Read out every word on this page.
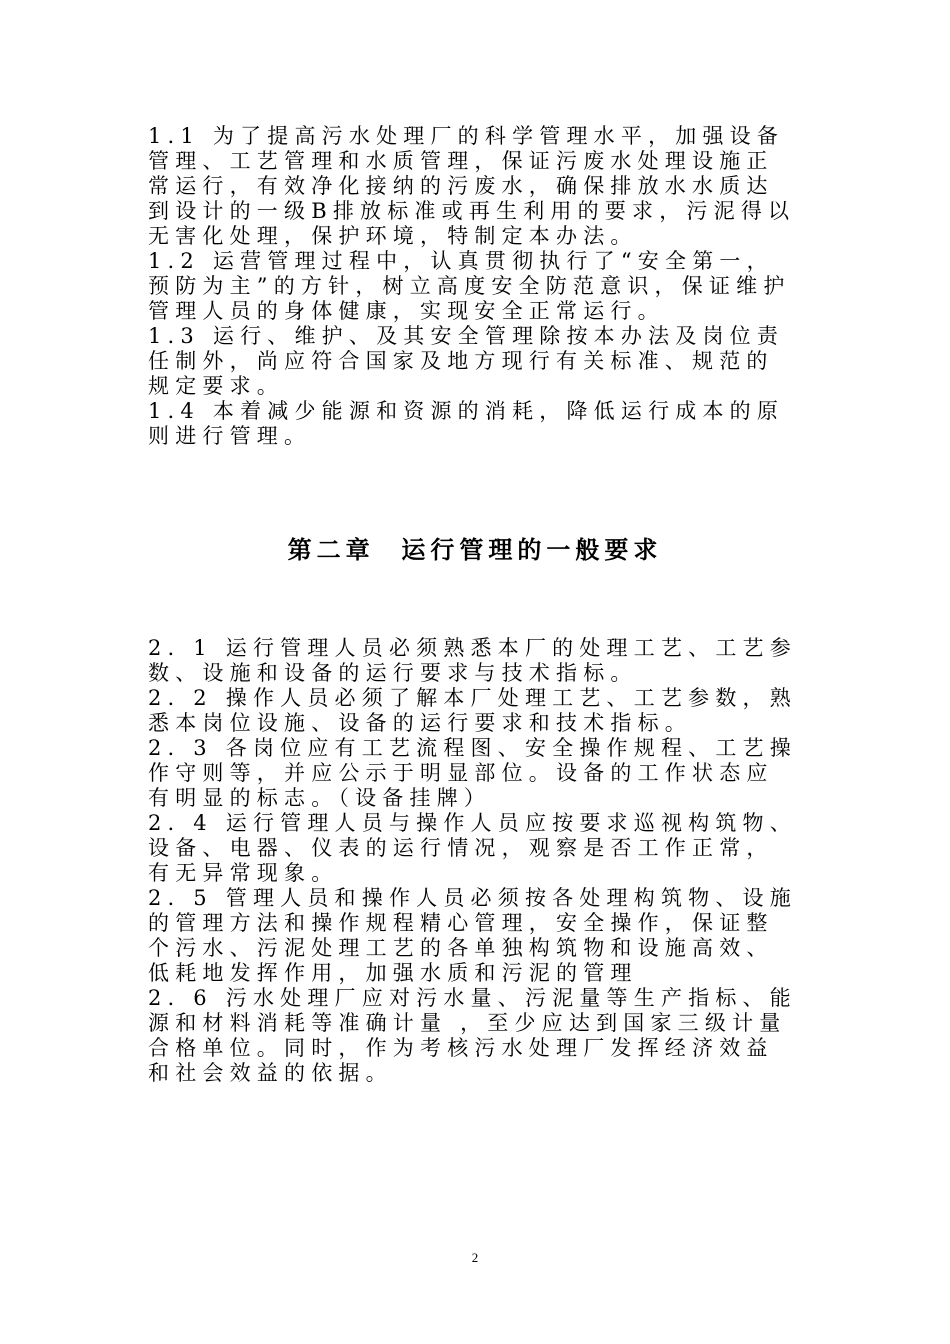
1.1 为了提高污水处理厂的科学管理水平，加强设备管理、工艺管理和水质管理，保证污废水处理设施正常运行，有效净化接纳的污废水，确保排放水水质达到设计的一级B排放标准或再生利用的要求，污泥得以无害化处理，保护环境，特制定本办法。

1.2 运营管理过程中，认真贯彻执行了“安全第一，预防为主”的方针，树立高度安全防范意识，保证维护管理人员的身体健康，实现安全正常运行。

1.3 运行、维护、及其安全管理除按本办法及岗位责任制外，尚应符合国家及地方现行有关标准、规范的规定要求。

1.4 本着减少能源和资源的消耗，降低运行成本的原则进行管理。

第二章  运行管理的一般要求

2. 1 运行管理人员必须熟悉本厂的处理工艺、工艺参数、设施和设备的运行要求与技术指标。

2. 2 操作人员必须了解本厂处理工艺、工艺参数，熟悉本岗位设施、设备的运行要求和技术指标。

2. 3 各岗位应有工艺流程图、安全操作规程、工艺操作守则等，并应公示于明显部位。设备的工作状态应有明显的标志。（设备挂牌）

2. 4 运行管理人员与操作人员应按要求巡视构筑物、设备、电器、仪表的运行情况，观察是否工作正常，有无异常现象。

2. 5 管理人员和操作人员必须按各处理构筑物、设施的管理方法和操作规程精心管理，安全操作，保证整个污水、污泥处理工艺的各单独构筑物和设施高效、低耗地发挥作用，加强水质和污泥的管理

2. 6 污水处理厂应对污水量、污泥量等生产指标、能源和材料消耗等准确计量 ，至少应达到国家三级计量合格单位。同时，作为考核污水处理厂发挥经济效益和社会效益的依据。

2
